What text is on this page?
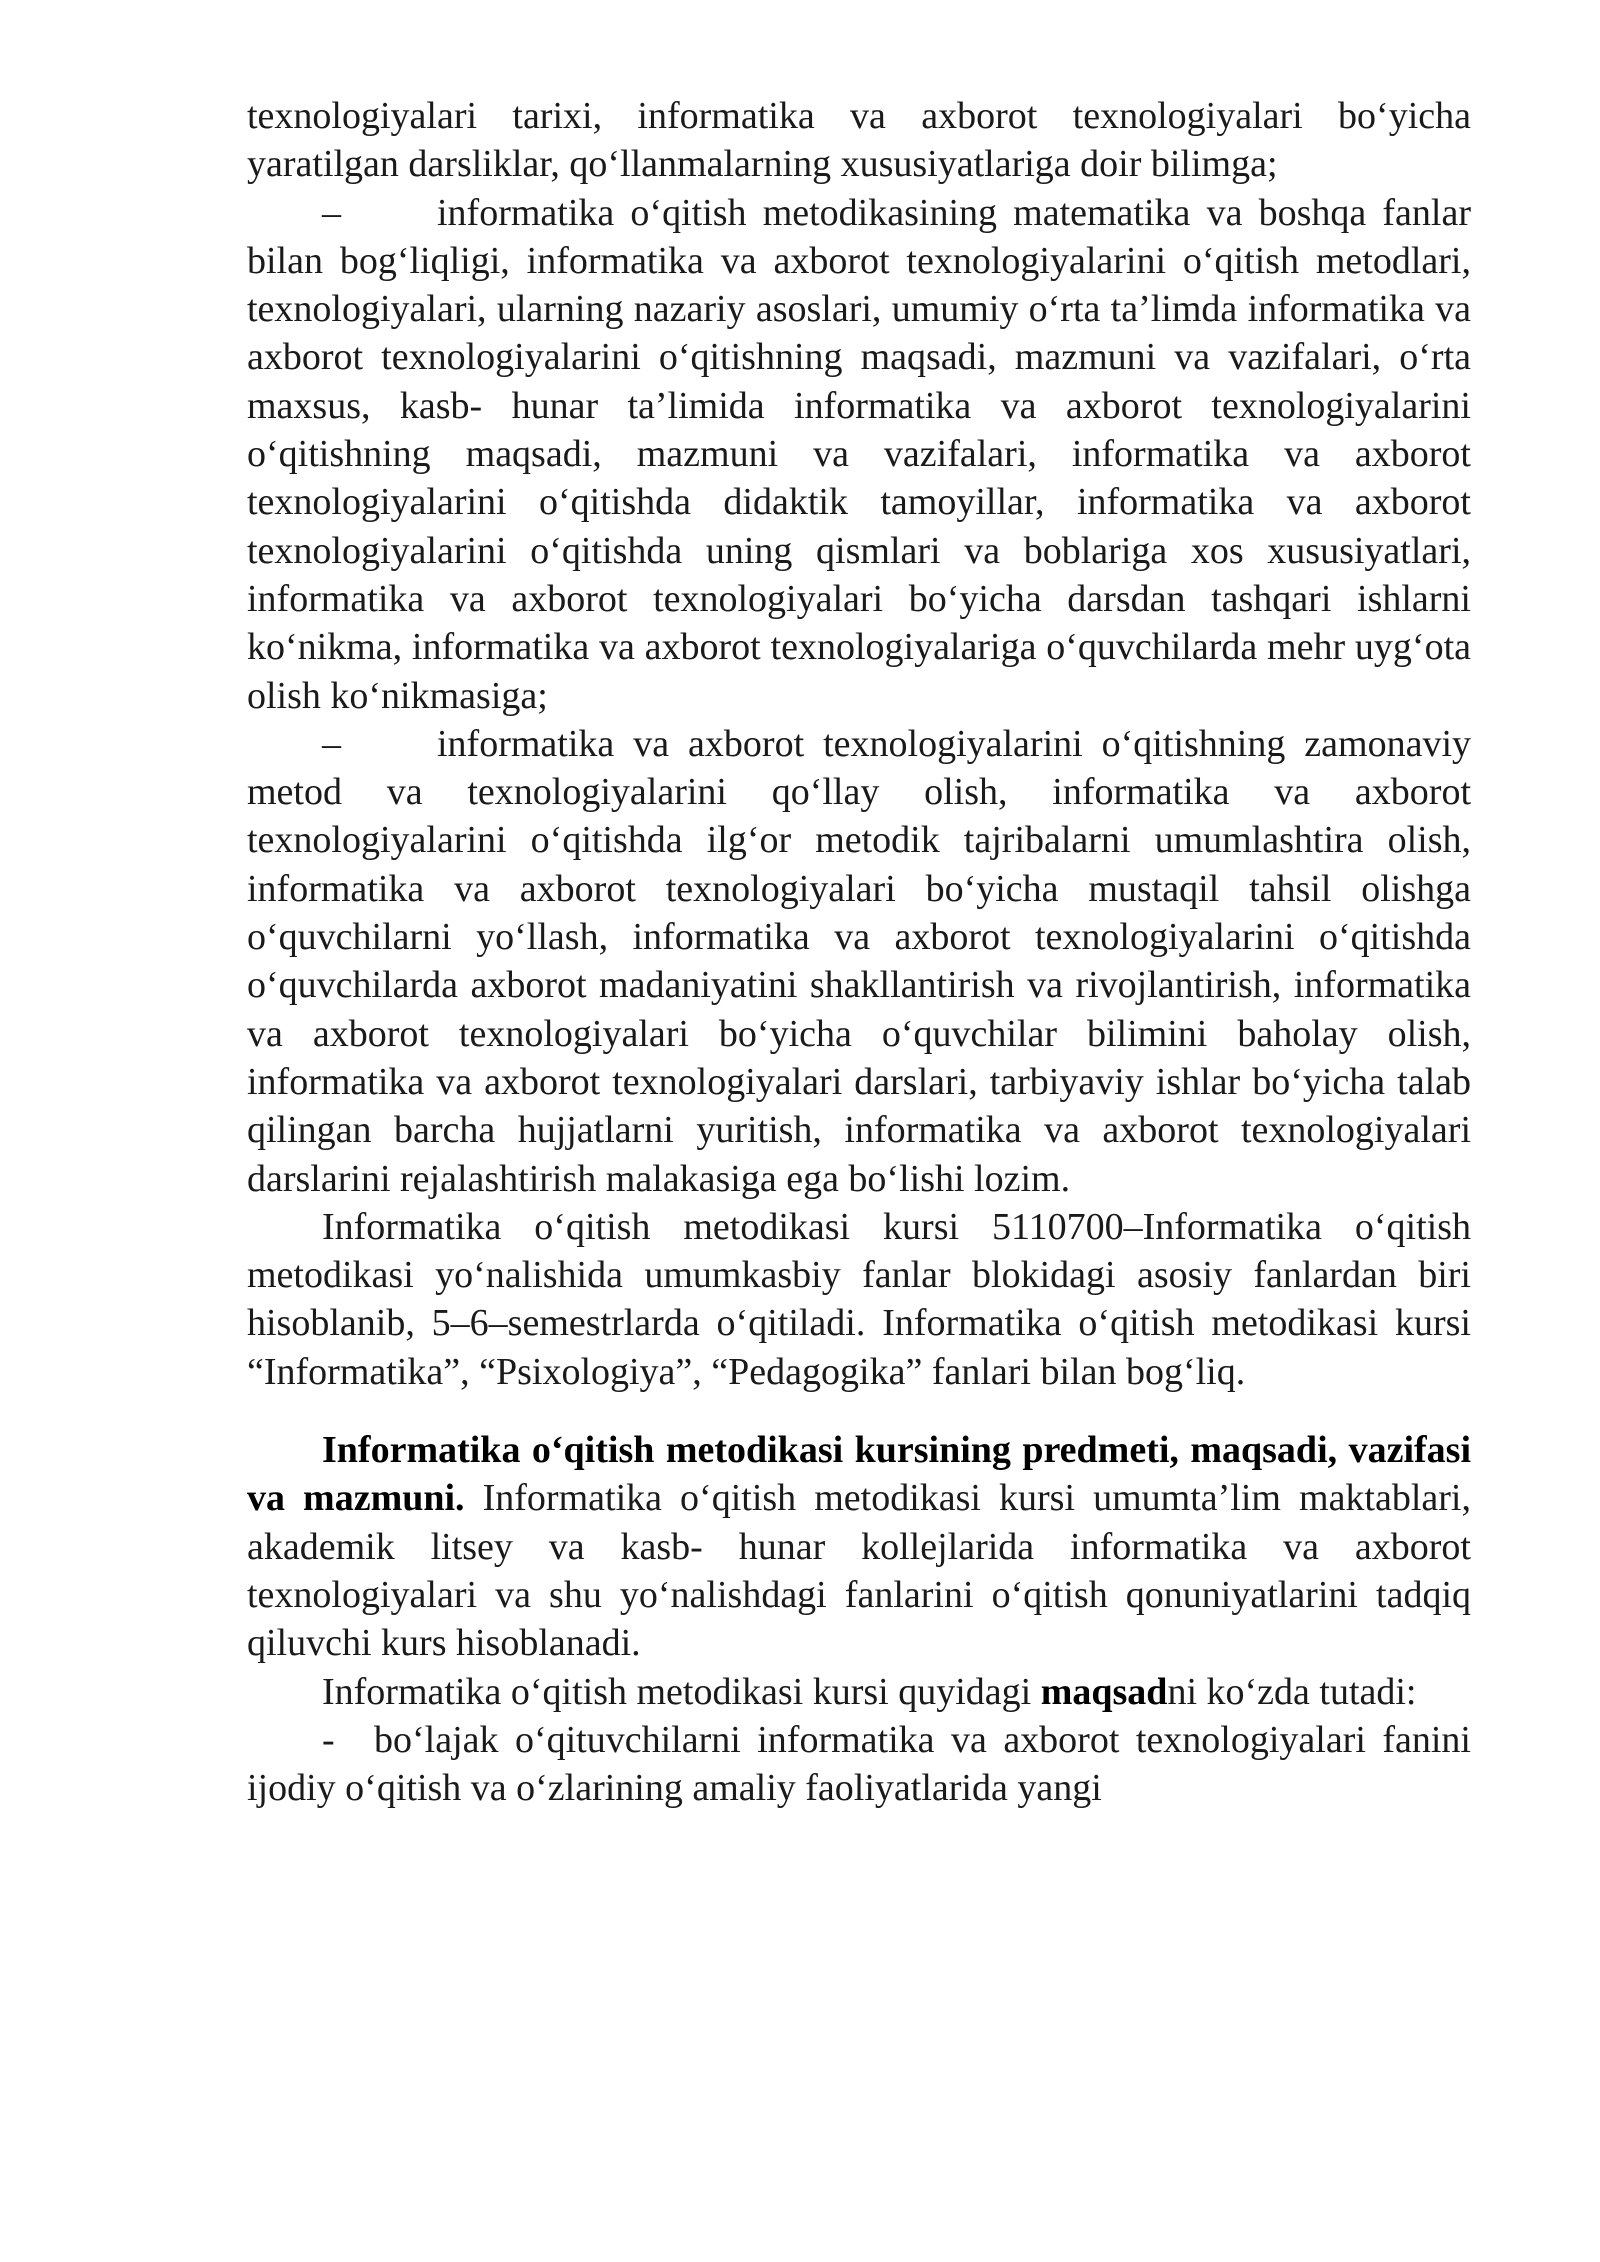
texnologiyalari tarixi, informatika va axborot texnologiyalari bo‘yicha yaratilgan darsliklar, qo‘llanmalarning xususiyatlariga doir bilimga;

–	informatika o‘qitish metodikasining matematika va boshqa fanlar bilan bog‘liqligi, informatika va axborot texnologiyalarini o‘qitish metodlari, texnologiyalari, ularning nazariy asoslari, umumiy o‘rta ta’limda informatika va axborot texnologiyalarini o‘qitishning maqsadi, mazmuni va vazifalari, o‘rta maxsus, kasb- hunar ta’limida informatika va axborot texnologiyalarini o‘qitishning maqsadi, mazmuni va vazifalari, informatika va axborot texnologiyalarini o‘qitishda didaktik tamoyillar, informatika va axborot texnologiyalarini o‘qitishda uning qismlari va boblariga xos xususiyatlari, informatika va axborot texnologiyalari bo‘yicha darsdan tashqari ishlarni ko‘nikma, informatika va axborot texnologiyalariga o‘quvchilarda mehr uyg‘ota olish ko‘nikmasiga;

–	informatika va axborot texnologiyalarini o‘qitishning zamonaviy metod va texnologiyalarini qo‘llay olish, informatika va axborot texnologiyalarini o‘qitishda ilg‘or metodik tajribalarni umumlashtira olish, informatika va axborot texnologiyalari bo‘yicha mustaqil tahsil olishga o‘quvchilarni yo‘llash, informatika va axborot texnologiyalarini o‘qitishda o‘quvchilarda axborot madaniyatini shakllantirish va rivojlantirish, informatika va axborot texnologiyalari bo‘yicha o‘quvchilar bilimini baholay olish, informatika va axborot texnologiyalari darslari, tarbiyaviy ishlar bo‘yicha talab qilingan barcha hujjatlarni yuritish, informatika va axborot texnologiyalari darslarini rejalashtirish malakasiga ega bo‘lishi lozim.

Informatika o‘qitish metodikasi kursi 5110700–Informatika o‘qitish metodikasi yo‘nalishida umumkasbiy fanlar blokidagi asosiy fanlardan biri hisoblanib, 5–6–semestrlarda o‘qitiladi. Informatika o‘qitish metodikasi kursi “Informatika”, “Psixologiya”, “Pedagogika” fanlari bilan bog‘liq.

Informatika o‘qitish metodikasi kursining predmeti, maqsadi, vazifasi va mazmuni. Informatika o‘qitish metodikasi kursi umumta’lim maktablari, akademik litsey va kasb- hunar kollejlarida informatika va axborot texnologiyalari va shu yo‘nalishdagi fanlarini o‘qitish qonuniyatlarini tadqiq qiluvchi kurs hisoblanadi.

Informatika o‘qitish metodikasi kursi quyidagi maqsadni ko‘zda tutadi:

- bo‘lajak o‘qituvchilarni informatika va axborot texnologiyalari fanini ijodiy o‘qitish va o‘zlarining amaliy faoliyatlarida yangi
